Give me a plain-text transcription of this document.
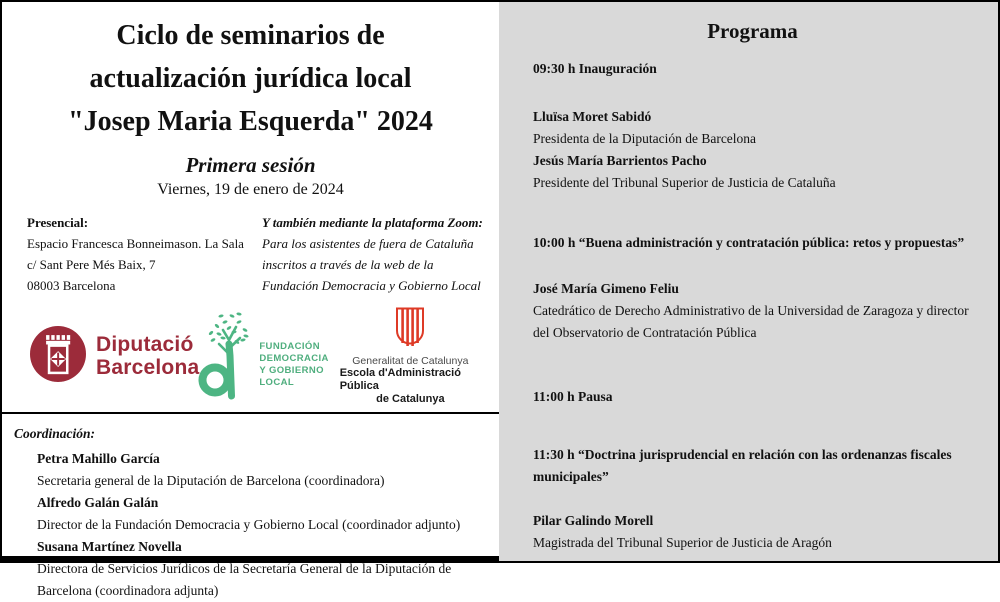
Ciclo de seminarios de
actualización jurídica local
"Josep Maria Esquerda" 2024
Primera sesión
Viernes, 19 de enero de 2024
Presencial:
Espacio Francesca Bonneimason. La Sala
c/ Sant Pere Més Baix, 7
08003 Barcelona
Y también mediante la plataforma Zoom:
Para los asistentes de fuera de Cataluña
inscritos a través de la web de la
Fundación Democracia y Gobierno Local
Diputació
Barcelona
FUNDACIÓN
DEMOCRACIA
Y GOBIERNO LOCAL
Generalitat de Catalunya
Escola d'Administració Pública
de Catalunya
Coordinación:
Petra Mahillo García
Secretaria general de la Diputación de Barcelona (coordinadora)
Alfredo Galán Galán
Director de la Fundación Democracia y Gobierno Local (coordinador adjunto)
Susana Martínez Novella
Directora de Servicios Jurídicos de la Secretaría General de la Diputación de Barcelona (coordinadora adjunta)
Programa
09:30 h Inauguración
Lluïsa Moret Sabidó
Presidenta de la Diputación de Barcelona
Jesús María Barrientos Pacho
Presidente del Tribunal Superior de Justicia de Cataluña
10:00 h “Buena administración y contratación pública: retos y propuestas”
José María Gimeno Feliu
Catedrático de Derecho Administrativo de la Universidad de Zaragoza y director del Observatorio de Contratación Pública
11:00 h Pausa
11:30 h “Doctrina jurisprudencial en relación con las ordenanzas fiscales municipales”
Pilar Galindo Morell
Magistrada del Tribunal Superior de Justicia de Aragón
